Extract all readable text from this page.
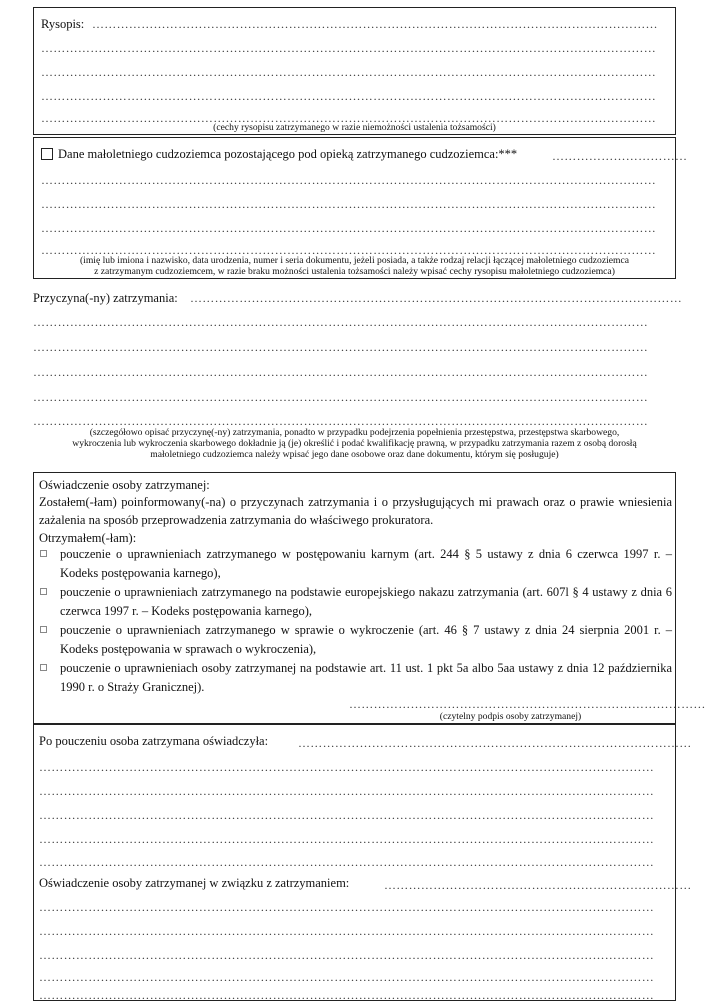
Rysopis: …………………………………………………………………………………………………………………………
……………………………………………………………………………………………………………………………………
……………………………………………………………………………………………………………………………………
……………………………………………………………………………………………………………………………………
……………………………………………………………………………………………………………………………………
(cechy rysopisu zatrzymanego w razie niemożności ustalenia tożsamości)
Dane małoletniego cudzoziemca pozostającego pod opieką zatrzymanego cudzoziemca:***	……………………………
……………………………………………………………………………………………………………………………………
……………………………………………………………………………………………………………………………………
……………………………………………………………………………………………………………………………………
……………………………………………………………………………………………………………………………………
(imię lub imiona i nazwisko, data urodzenia, numer i seria dokumentu, jeżeli posiada, a także rodzaj relacji łączącej małoletniego cudzoziemca
z zatrzymanym cudzoziemcem, w razie braku możności ustalenia tożsamości należy wpisać cechy rysopisu małoletniego cudzoziemca)
Przyczyna(-ny) zatrzymania: …………………………………………………………………………………………………………
……………………………………………………………………………………………………………………………………
……………………………………………………………………………………………………………………………………
……………………………………………………………………………………………………………………………………
……………………………………………………………………………………………………………………………………
……………………………………………………………………………………………………………………………………
(szczegółowo opisać przyczynę(-ny) zatrzymania, ponadto w przypadku podejrzenia popełnienia przestępstwa, przestępstwa skarbowego,
wykroczenia lub wykroczenia skarbowego dokładnie ją (je) określić i podać kwalifikację prawną, w przypadku zatrzymania razem z osobą dorosłą
małoletniego cudzoziemca należy wpisać jego dane osobowe oraz dane dokumentu, którym się posługuje)
Oświadczenie osoby zatrzymanej:
Zostałem(-łam) poinformowany(-na) o przyczynach zatrzymania i o przysługujących mi prawach oraz o prawie wniesienia zażalenia na sposób przeprowadzenia zatrzymania do właściwego prokuratora.
Otrzymałem(-łam):
pouczenie o uprawnieniach zatrzymanego w postępowaniu karnym (art. 244 § 5 ustawy z dnia 6 czerwca 1997 r. – Kodeks postępowania karnego),
pouczenie o uprawnieniach zatrzymanego na podstawie europejskiego nakazu zatrzymania (art. 607l § 4 ustawy z dnia 6 czerwca 1997 r. – Kodeks postępowania karnego),
pouczenie o uprawnieniach zatrzymanego w sprawie o wykroczenie (art. 46 § 7 ustawy z dnia 24 sierpnia 2001 r. – Kodeks postępowania w sprawach o wykroczenia),
pouczenie o uprawnieniach osoby zatrzymanej na podstawie art. 11 ust. 1 pkt 5a albo 5aa ustawy z dnia 12 października 1990 r. o Straży Granicznej).
……………………………………………………………………………
(czytelny podpis osoby zatrzymanej)
Po pouczeniu osoba zatrzymana oświadczyła: ……………………………………………………………………………………
……………………………………………………………………………………………………………………………………
……………………………………………………………………………………………………………………………………
……………………………………………………………………………………………………………………………………
……………………………………………………………………………………………………………………………………
……………………………………………………………………………………………………………………………………
Oświadczenie osoby zatrzymanej w związku z zatrzymaniem:	…………………………………………………………………
……………………………………………………………………………………………………………………………………
……………………………………………………………………………………………………………………………………
……………………………………………………………………………………………………………………………………
……………………………………………………………………………………………………………………………………
……………………………………………………………………………………………………………………………………
